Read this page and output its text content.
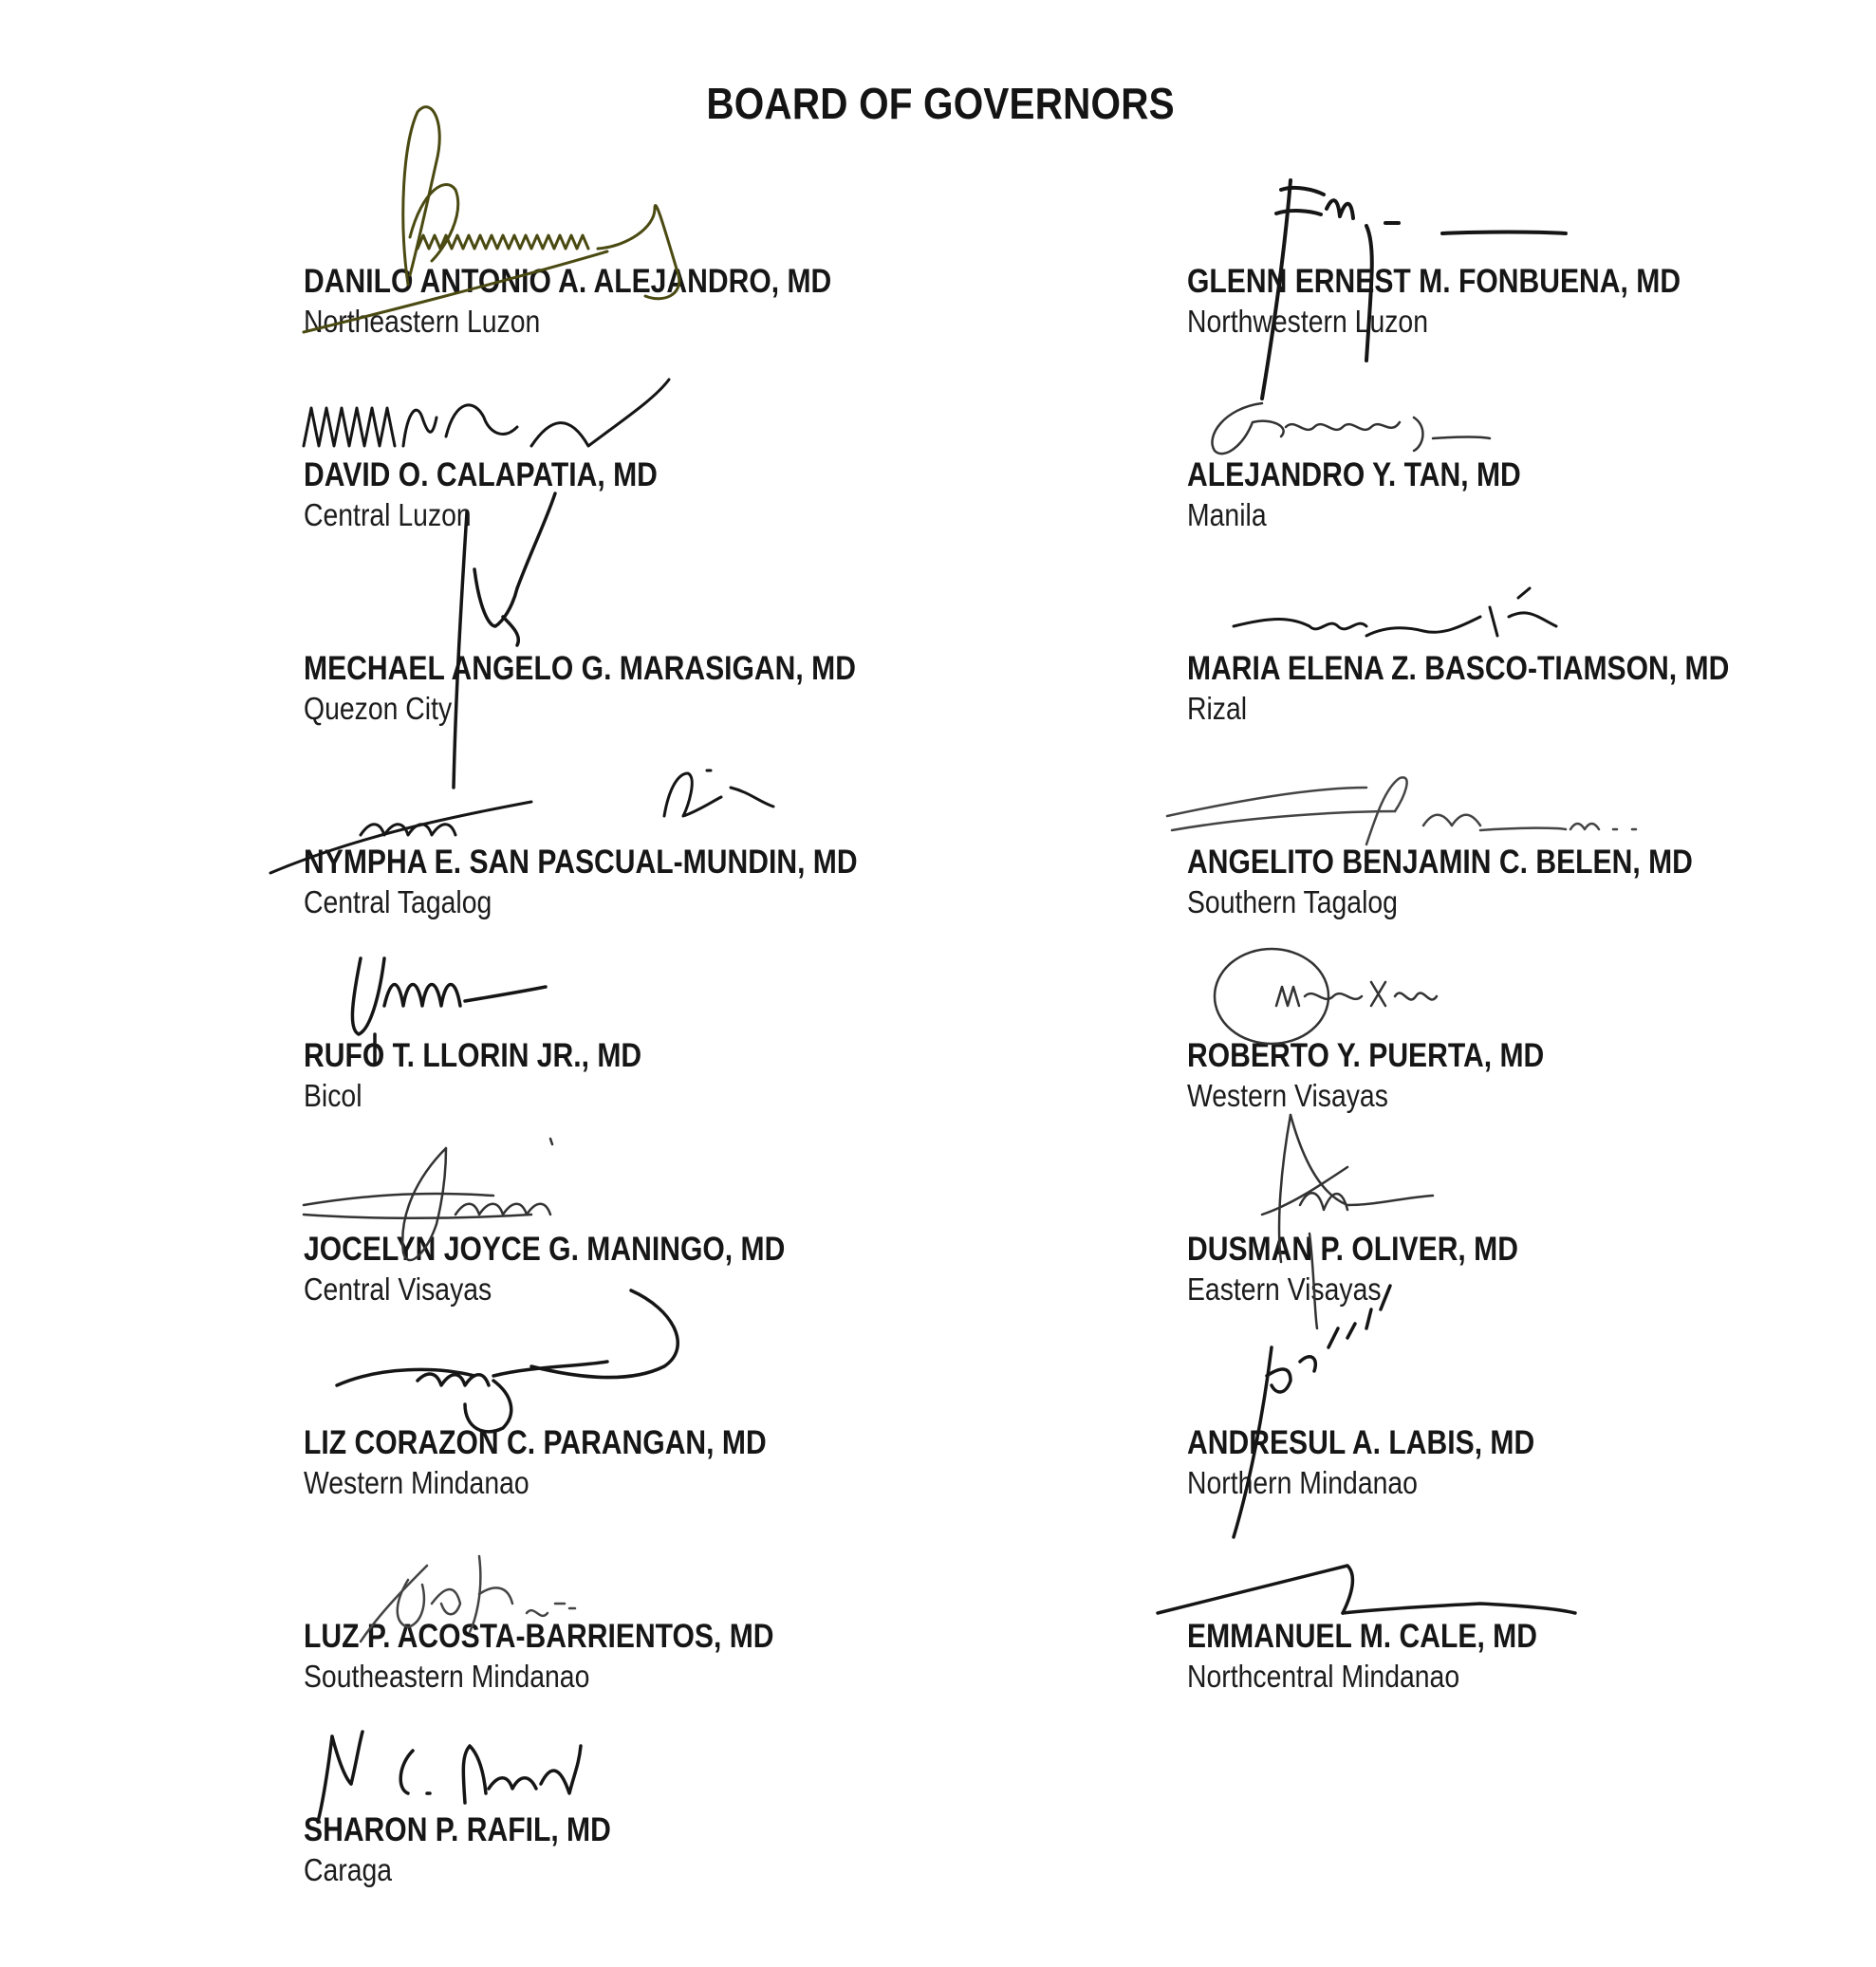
BOARD OF GOVERNORS
DANILO ANTONIO A. ALEJANDRO, MD
Northeastern Luzon
DAVID O. CALAPATIA, MD
Central Luzon
MECHAEL ANGELO G. MARASIGAN, MD
Quezon City
NYMPHA E. SAN PASCUAL-MUNDIN, MD
Central Tagalog
RUFO T. LLORIN JR., MD
Bicol
JOCELYN JOYCE G. MANINGO, MD
Central Visayas
LIZ CORAZON C. PARANGAN, MD
Western Mindanao
LUZ P. ACOSTA-BARRIENTOS, MD
Southeastern Mindanao
SHARON P. RAFIL, MD
Caraga
GLENN ERNEST M. FONBUENA, MD
Northwestern Luzon
ALEJANDRO Y. TAN, MD
Manila
MARIA ELENA Z. BASCO-TIAMSON, MD
Rizal
ANGELITO BENJAMIN C. BELEN, MD
Southern Tagalog
ROBERTO Y. PUERTA, MD
Western Visayas
DUSMAN P. OLIVER, MD
Eastern Visayas
ANDRESUL A. LABIS, MD
Northern Mindanao
EMMANUEL M. CALE, MD
Northcentral Mindanao
